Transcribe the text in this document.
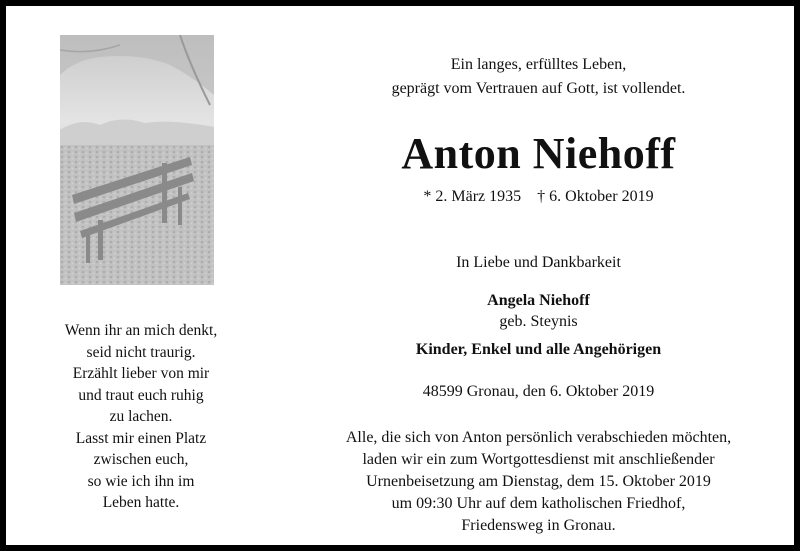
Wenn ihr an mich denkt,
seid nicht traurig.
Erzählt lieber von mir
und traut euch ruhig
zu lachen.
Lasst mir einen Platz
zwischen euch,
so wie ich ihn im
Leben hatte.
Ein langes, erfülltes Leben,
geprägt vom Vertrauen auf Gott, ist vollendet.
Anton Niehoff
* 2. März 1935 † 6. Oktober 2019
In Liebe und Dankbarkeit
Angela Niehoff
geb. Steynis
Kinder, Enkel und alle Angehörigen
48599 Gronau, den 6. Oktober 2019
Alle, die sich von Anton persönlich verabschieden möchten,
laden wir ein zum Wortgottesdienst mit anschließender
Urnenbeisetzung am Dienstag, dem 15. Oktober 2019
um 09:30 Uhr auf dem katholischen Friedhof,
Friedensweg in Gronau.
